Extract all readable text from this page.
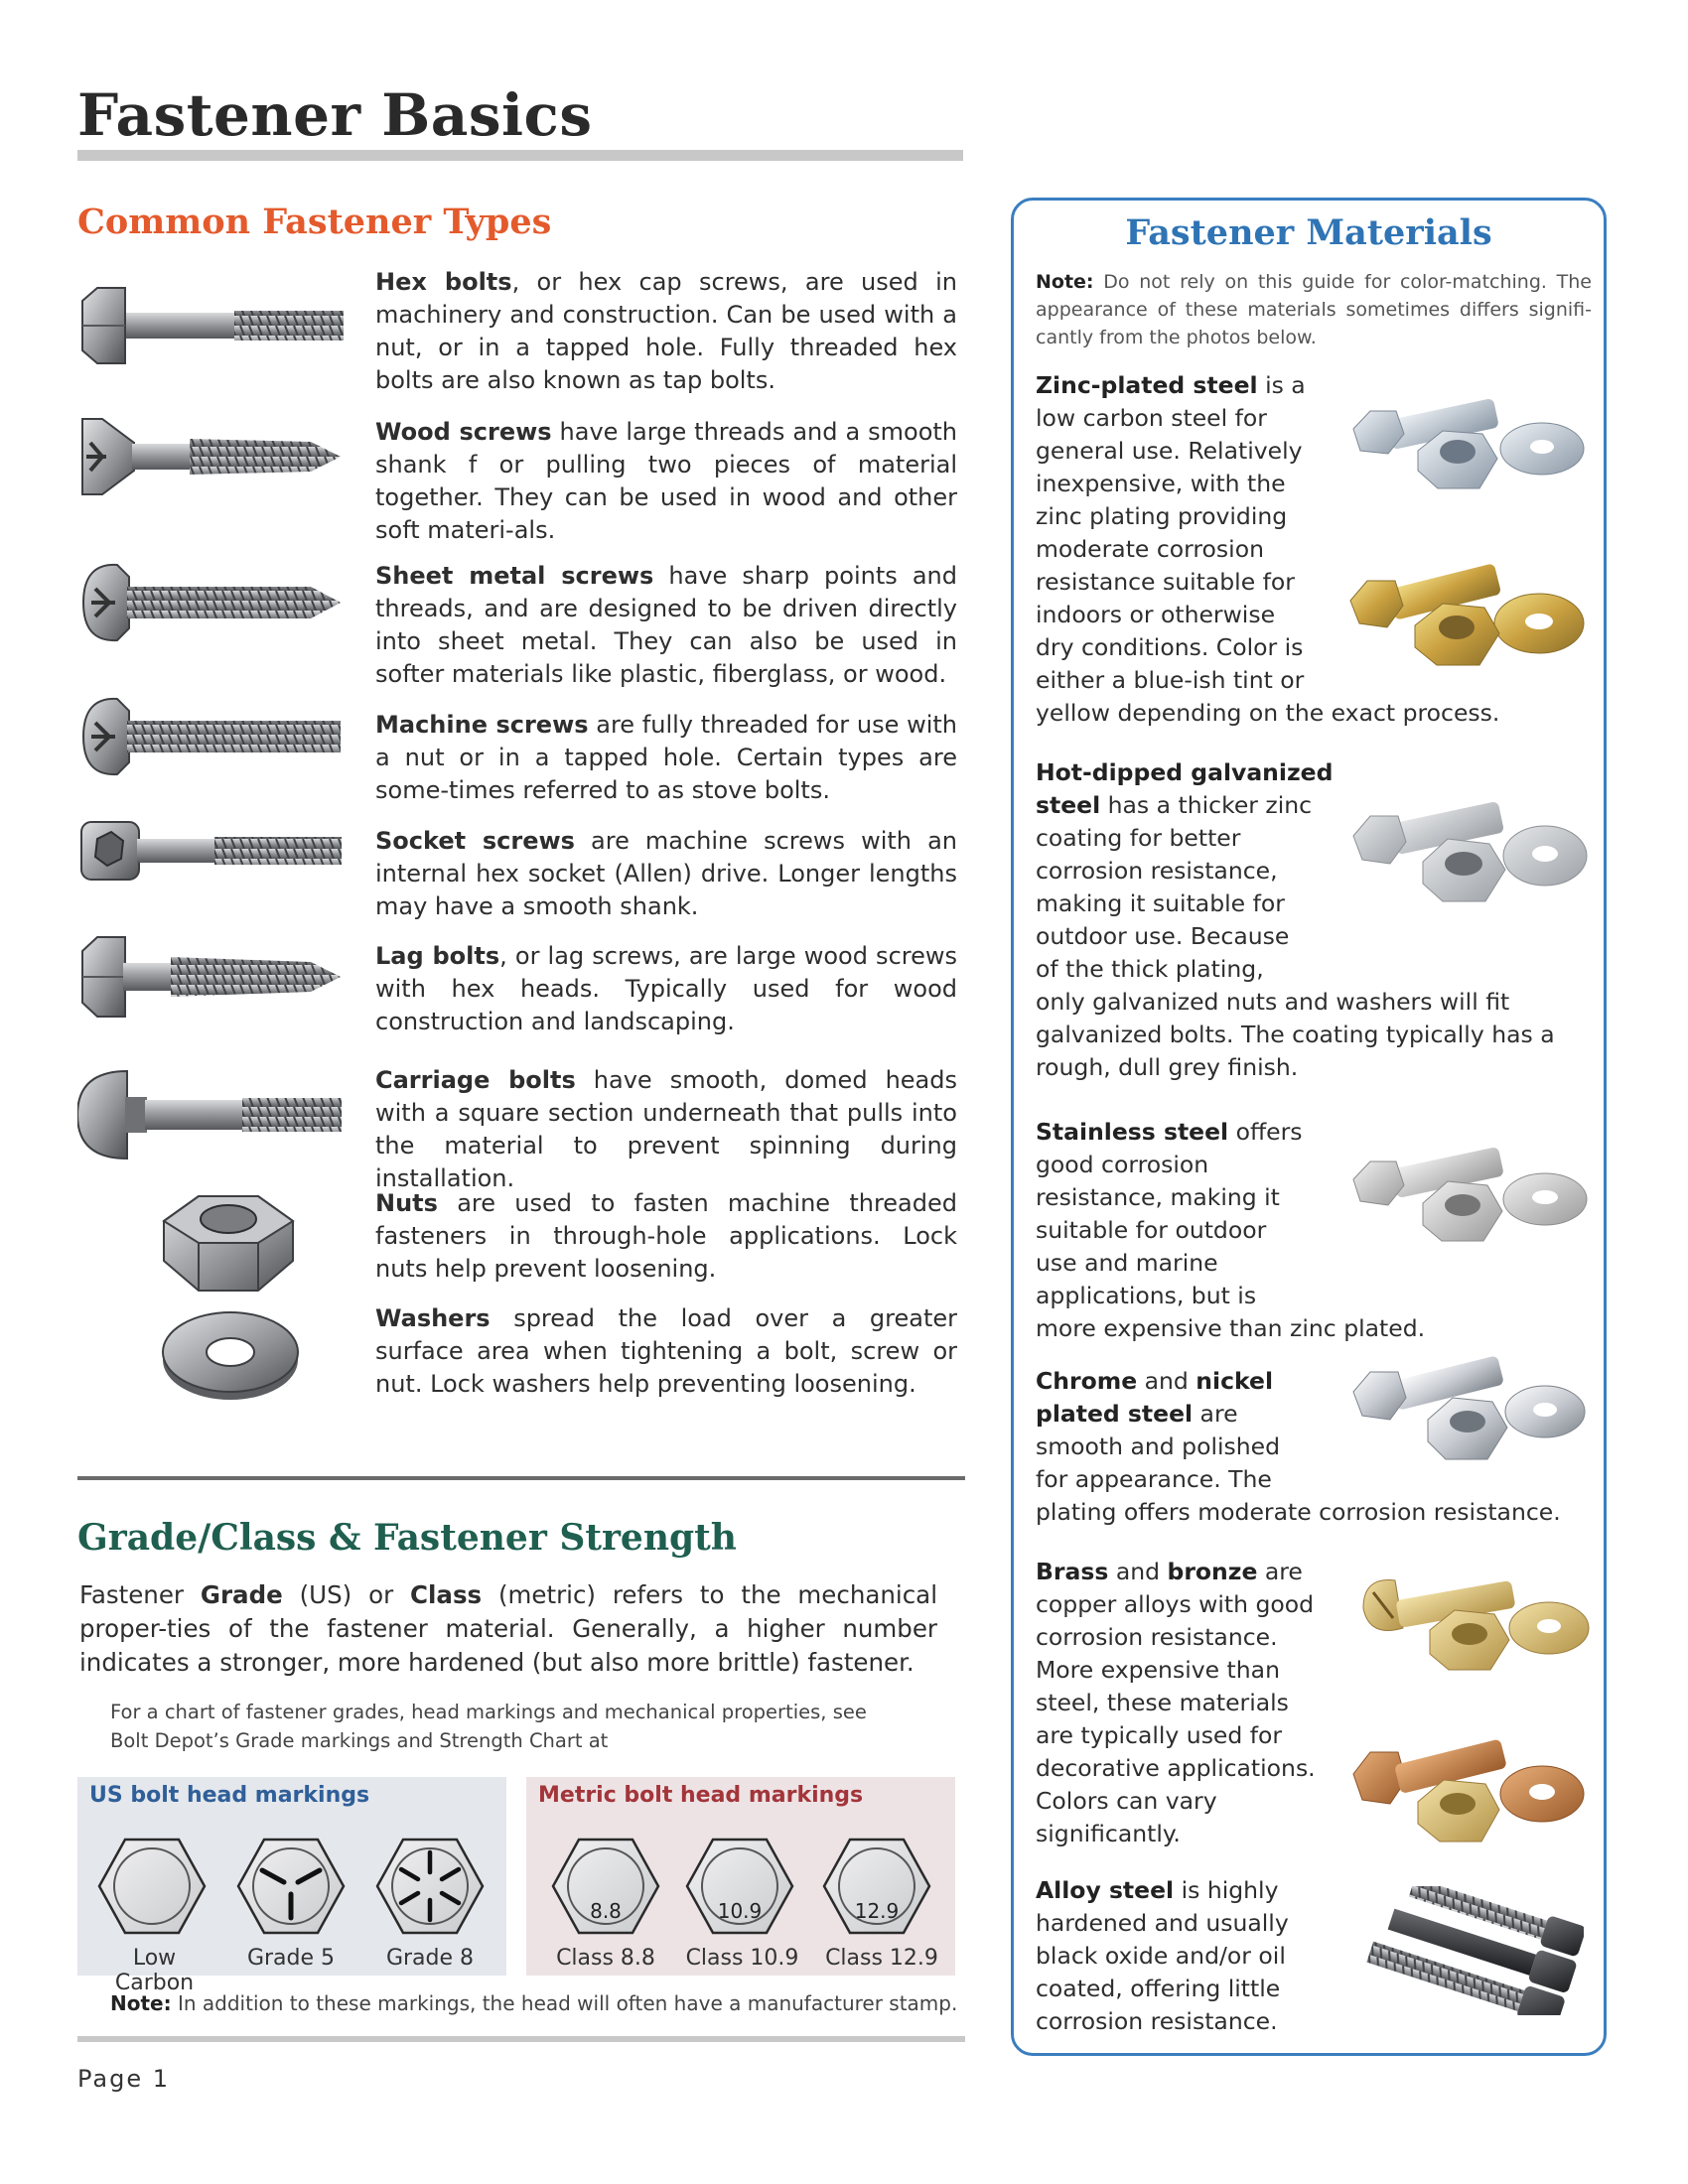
Fastener Basics
Common Fastener Types
Hex bolts, or hex cap screws, are used in machinery and construction. Can be used with a nut, or in a tapped hole. Fully threaded hex bolts are also known as tap bolts.
Wood screws have large threads and a smooth shank f or pulling two pieces of material together. They can be used in wood and other soft materi-als.
Sheet metal screws have sharp points and threads, and are designed to be driven directly into sheet metal. They can also be used in softer materials like plastic, fiberglass, or wood.
Machine screws are fully threaded for use with a nut or in a tapped hole. Certain types are some-times referred to as stove bolts.
Socket screws are machine screws with an internal hex socket (Allen) drive. Longer lengths may have a smooth shank.
Lag bolts, or lag screws, are large wood screws with hex heads. Typically used for wood construction and landscaping.
Carriage bolts have smooth, domed heads with a square section underneath that pulls into the material to prevent spinning during installation.
Nuts are used to fasten machine threaded fasteners in through-hole applications. Lock nuts help prevent loosening.
Washers spread the load over a greater surface area when tightening a bolt, screw or nut. Lock washers help preventing loosening.
Grade/Class & Fastener Strength
Fastener Grade (US) or Class (metric) refers to the mechanical proper-ties of the fastener material. Generally, a higher number indicates a stronger, more hardened (but also more brittle) fastener.
For a chart of fastener grades, head markings and mechanical properties, see
Bolt Depot’s Grade markings and Strength Chart at
US bolt head markings
Low Carbon
Grade 5	Grade 8
Metric bolt head markings
8.8	10.9	12.9
Class 8.8	Class 10.9	Class 12.9
Note: In addition to these markings, the head will often have a manufacturer stamp.
Page 1
Fastener Materials
Note: Do not rely on this guide for color-matching. The appearance of these materials sometimes differs signifi-cantly from the photos below.
Zinc-plated steel is a
low carbon steel for
general use. Relatively
inexpensive, with the
zinc plating providing
moderate corrosion
resistance suitable for
indoors or otherwise
dry conditions. Color is
either a blue-ish tint or
yellow depending on the exact process.
Hot-dipped galvanized
steel has a thicker zinc
coating for better
corrosion resistance,
making it suitable for
outdoor use. Because
of the thick plating,
only galvanized nuts and washers will fit
galvanized bolts. The coating typically has a
rough, dull grey finish.
Stainless steel offers
good corrosion
resistance, making it
suitable for outdoor
use and marine
applications, but is
more expensive than zinc plated.
Chrome and nickel
plated steel are
smooth and polished
for appearance. The
plating offers moderate corrosion resistance.
Brass and bronze are
copper alloys with good
corrosion resistance.
More expensive than
steel, these materials
are typically used for
decorative applications.
Colors can vary
significantly.
Alloy steel is highly
hardened and usually
black oxide and/or oil
coated, offering little
corrosion resistance.
